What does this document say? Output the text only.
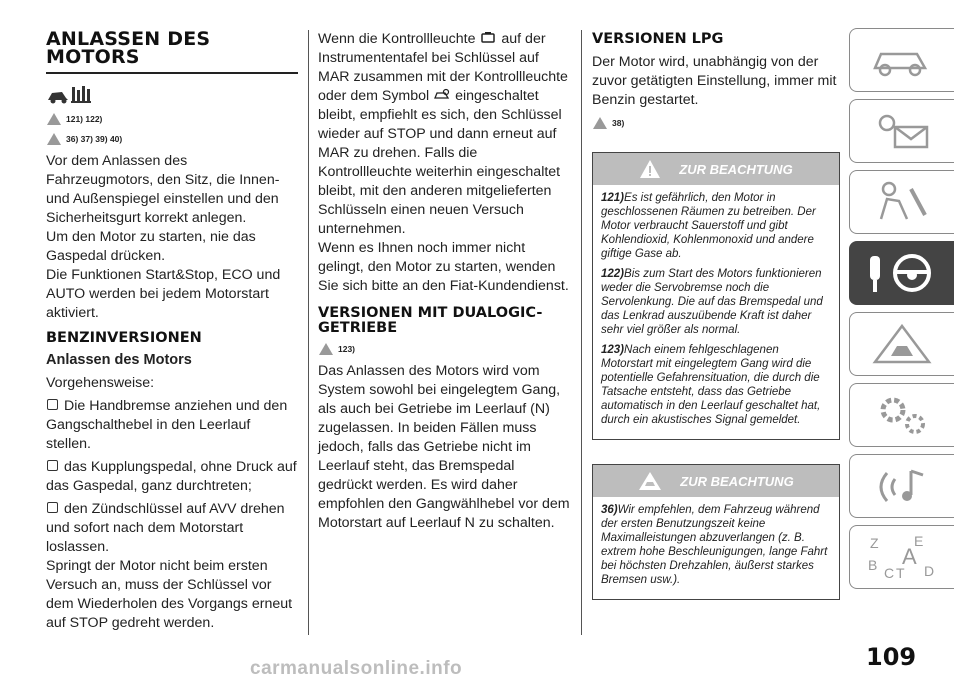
ANLASSEN DES MOTORS
121) 122)
36) 37) 39) 40)

Vor dem Anlassen des Fahrzeugmotors, den Sitz, die Innen- und Außenspiegel einstellen und den Sicherheitsgurt korrekt anlegen.

Um den Motor zu starten, nie das Gaspedal drücken.

Die Funktionen Start&Stop, ECO und AUTO werden bei jedem Motorstart aktiviert.

BENZINVERSIONEN
Anlassen des Motors

Vorgehensweise:

Die Handbremse anziehen und den Gangschalthebel in den Leerlauf stellen.
das Kupplungspedal, ohne Druck auf das Gaspedal, ganz durchtreten;
den Zündschlüssel auf AVV drehen und sofort nach dem Motorstart loslassen.

Springt der Motor nicht beim ersten Versuch an, muss der Schlüssel vor dem Wiederholen des Vorgangs erneut auf STOP gedreht werden.

Wenn die Kontrollleuchte auf der Instrumententafel bei Schlüssel auf MAR zusammen mit der Kontrollleuchte oder dem Symbol eingeschaltet bleibt, empfiehlt es sich, den Schlüssel wieder auf STOP und dann erneut auf MAR zu drehen. Falls die Kontrollleuchte weiterhin eingeschaltet bleibt, mit den anderen mitgelieferten Schlüsseln einen neuen Versuch unternehmen.

Wenn es Ihnen noch immer nicht gelingt, den Motor zu starten, wenden Sie sich bitte an den Fiat-Kundendienst.

VERSIONEN MIT DUALOGIC-GETRIEBE
123)

Das Anlassen des Motors wird vom System sowohl bei eingelegtem Gang, als auch bei Getriebe im Leerlauf (N) zugelassen. In beiden Fällen muss jedoch, falls das Getriebe nicht im Leerlauf steht, das Bremspedal gedrückt werden. Es wird daher empfohlen den Gangwählhebel vor dem Motorstart auf Leerlauf N zu schalten.

VERSIONEN LPG

Der Motor wird, unabhängig von der zuvor getätigten Einstellung, immer mit Benzin gestartet.

38)
ZUR BEACHTUNG

121)Es ist gefährlich, den Motor in geschlossenen Räumen zu betreiben. Der Motor verbraucht Sauerstoff und gibt Kohlendioxid, Kohlenmonoxid und andere giftige Gase ab.

122)Bis zum Start des Motors funktionieren weder die Servobremse noch die Servolenkung. Die auf das Bremspedal und das Lenkrad auszuübende Kraft ist daher sehr viel größer als normal.

123)Nach einem fehlgeschlagenen Motorstart mit eingelegtem Gang wird die potentielle Gefahrensituation, die durch die Tatsache entsteht, dass das Getriebe automatisch in den Leerlauf geschaltet hat, durch ein akustisches Signal gemeldet.

ZUR BEACHTUNG

36)Wir empfehlen, dem Fahrzeug während der ersten Benutzungszeit keine Maximalleistungen abzuverlangen (z. B. extrem hohe Beschleunigungen, lange Fahrt bei höchsten Drehzahlen, äußerst starkes Bremsen usw.).

Z	E
B A
C T D
109
carmanualsonline.info
